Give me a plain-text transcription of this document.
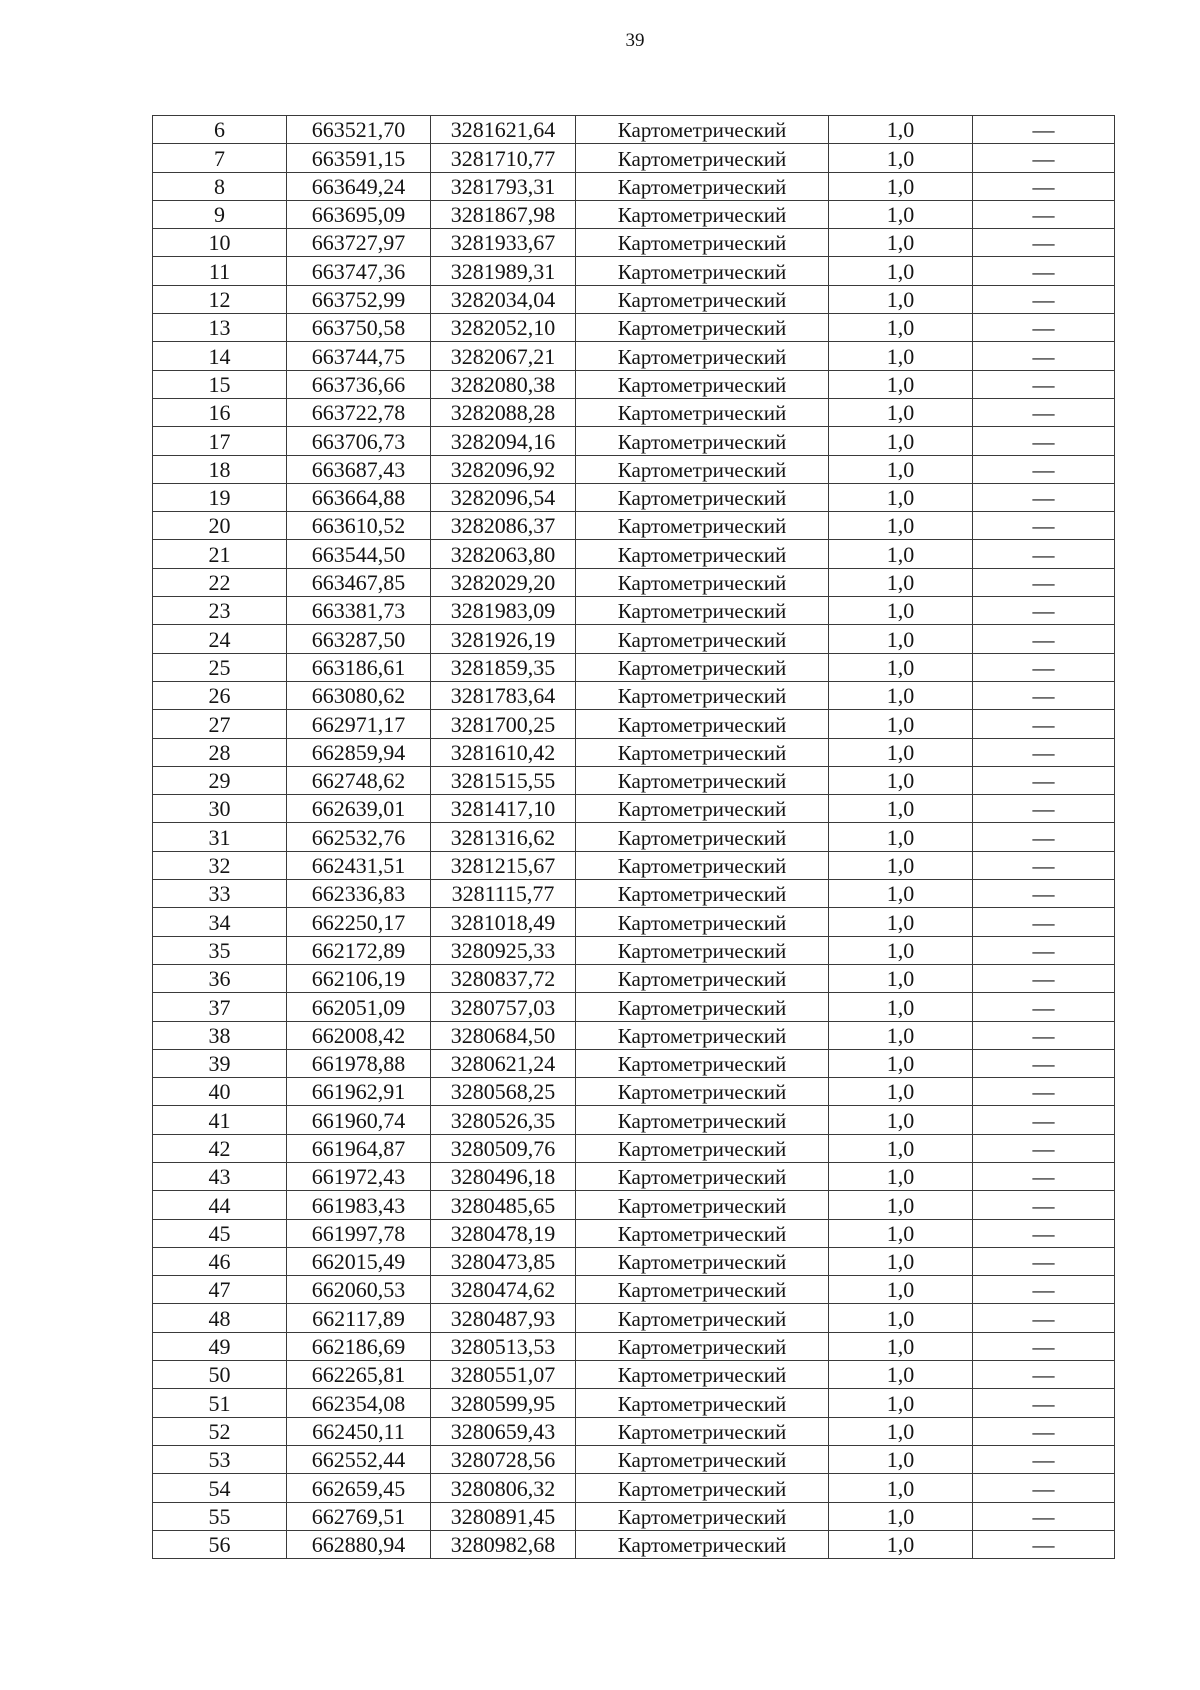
39
6	663521,70	3281621,64	Картометрический	1,0	—
7	663591,15	3281710,77	Картометрический	1,0	—
8	663649,24	3281793,31	Картометрический	1,0	—
9	663695,09	3281867,98	Картометрический	1,0	—
10	663727,97	3281933,67	Картометрический	1,0	—
11	663747,36	3281989,31	Картометрический	1,0	—
12	663752,99	3282034,04	Картометрический	1,0	—
13	663750,58	3282052,10	Картометрический	1,0	—
14	663744,75	3282067,21	Картометрический	1,0	—
15	663736,66	3282080,38	Картометрический	1,0	—
16	663722,78	3282088,28	Картометрический	1,0	—
17	663706,73	3282094,16	Картометрический	1,0	—
18	663687,43	3282096,92	Картометрический	1,0	—
19	663664,88	3282096,54	Картометрический	1,0	—
20	663610,52	3282086,37	Картометрический	1,0	—
21	663544,50	3282063,80	Картометрический	1,0	—
22	663467,85	3282029,20	Картометрический	1,0	—
23	663381,73	3281983,09	Картометрический	1,0	—
24	663287,50	3281926,19	Картометрический	1,0	—
25	663186,61	3281859,35	Картометрический	1,0	—
26	663080,62	3281783,64	Картометрический	1,0	—
27	662971,17	3281700,25	Картометрический	1,0	—
28	662859,94	3281610,42	Картометрический	1,0	—
29	662748,62	3281515,55	Картометрический	1,0	—
30	662639,01	3281417,10	Картометрический	1,0	—
31	662532,76	3281316,62	Картометрический	1,0	—
32	662431,51	3281215,67	Картометрический	1,0	—
33	662336,83	3281115,77	Картометрический	1,0	—
34	662250,17	3281018,49	Картометрический	1,0	—
35	662172,89	3280925,33	Картометрический	1,0	—
36	662106,19	3280837,72	Картометрический	1,0	—
37	662051,09	3280757,03	Картометрический	1,0	—
38	662008,42	3280684,50	Картометрический	1,0	—
39	661978,88	3280621,24	Картометрический	1,0	—
40	661962,91	3280568,25	Картометрический	1,0	—
41	661960,74	3280526,35	Картометрический	1,0	—
42	661964,87	3280509,76	Картометрический	1,0	—
43	661972,43	3280496,18	Картометрический	1,0	—
44	661983,43	3280485,65	Картометрический	1,0	—
45	661997,78	3280478,19	Картометрический	1,0	—
46	662015,49	3280473,85	Картометрический	1,0	—
47	662060,53	3280474,62	Картометрический	1,0	—
48	662117,89	3280487,93	Картометрический	1,0	—
49	662186,69	3280513,53	Картометрический	1,0	—
50	662265,81	3280551,07	Картометрический	1,0	—
51	662354,08	3280599,95	Картометрический	1,0	—
52	662450,11	3280659,43	Картометрический	1,0	—
53	662552,44	3280728,56	Картометрический	1,0	—
54	662659,45	3280806,32	Картометрический	1,0	—
55	662769,51	3280891,45	Картометрический	1,0	—
56	662880,94	3280982,68	Картометрический	1,0	—
